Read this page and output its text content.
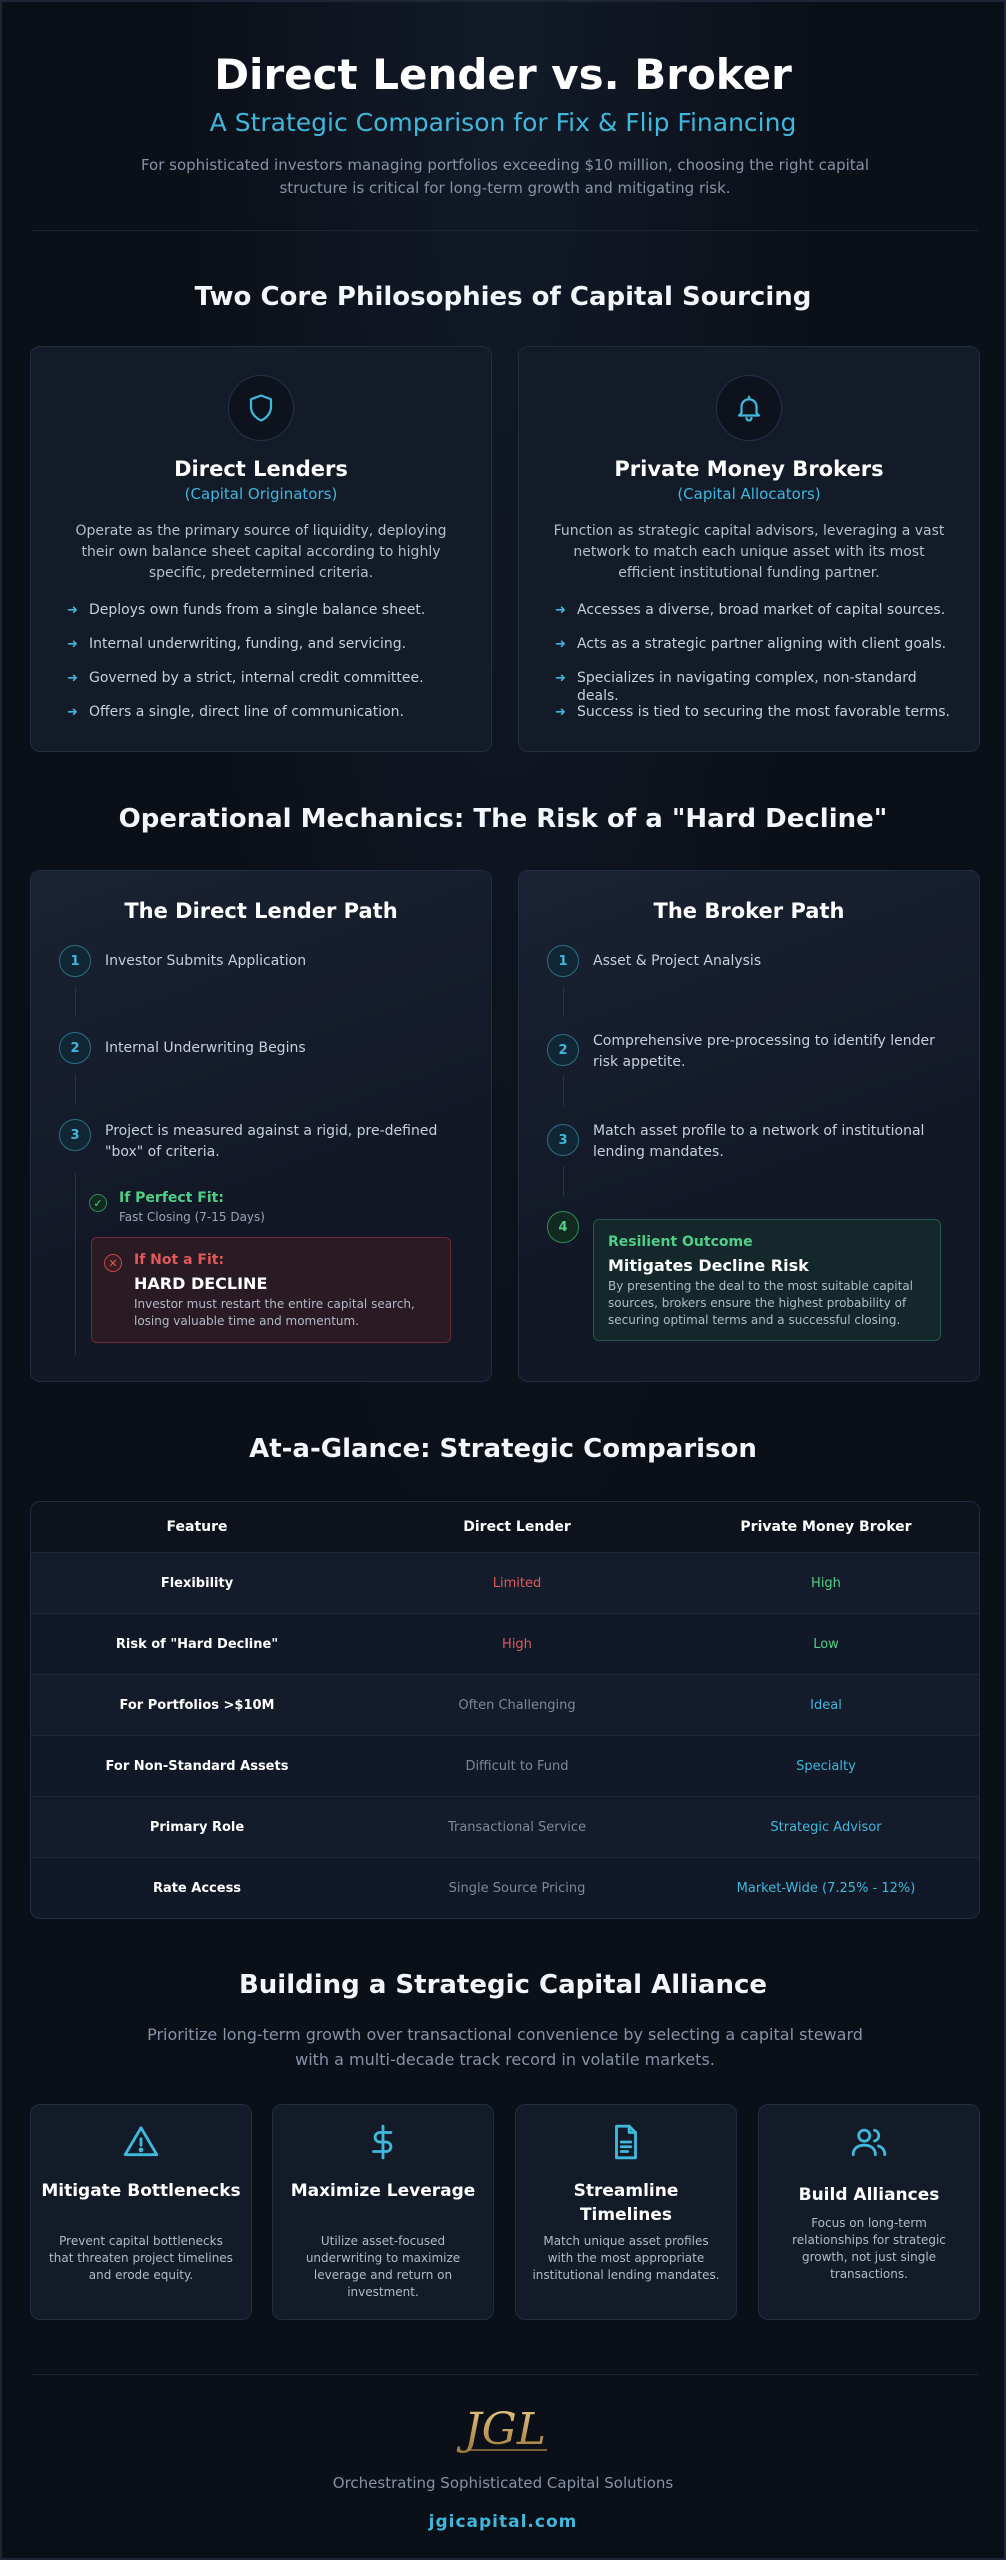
Direct Lender vs. Broker
A Strategic Comparison for Fix & Flip Financing
For sophisticated investors managing portfolios exceeding $10 million, choosing the right capital structure is critical for long-term growth and mitigating risk.
Two Core Philosophies of Capital Sourcing
Direct Lenders
(Capital Originators)
Operate as the primary source of liquidity, deploying their own balance sheet capital according to highly specific, predetermined criteria.
➜ Deploys own funds from a single balance sheet.
➜ Internal underwriting, funding, and servicing.
➜ Governed by a strict, internal credit committee.
➜ Offers a single, direct line of communication.
Private Money Brokers
(Capital Allocators)
Function as strategic capital advisors, leveraging a vast network to match each unique asset with its most efficient institutional funding partner.
➜ Accesses a diverse, broad market of capital sources.
➜ Acts as a strategic partner aligning with client goals.
➜ Specializes in navigating complex, non-standard deals.
➜ Success is tied to securing the most favorable terms.
Operational Mechanics: The Risk of a "Hard Decline"
The Direct Lender Path
1	Investor Submits Application
2	Internal Underwriting Begins
3	Project is measured against a rigid, pre-defined "box" of criteria.
✓	If Perfect Fit:
Fast Closing (7-15 Days)
✕	If Not a Fit:
HARD DECLINE
Investor must restart the entire capital search, losing valuable time and momentum.
The Broker Path
1	Asset & Project Analysis
2
Comprehensive pre-processing to identify lender risk appetite.
3
Match asset profile to a network of institutional lending mandates.
4
Resilient Outcome
Mitigates Decline Risk
By presenting the deal to the most suitable capital sources, brokers ensure the highest probability of securing optimal terms and a successful closing.
At-a-Glance: Strategic Comparison
Feature	Direct Lender	Private Money Broker
Flexibility	Limited	High
Risk of "Hard Decline"	High	Low
For Portfolios >$10M	Often Challenging	Ideal
For Non-Standard Assets	Difficult to Fund	Specialty
Primary Role	Transactional Service	Strategic Advisor
Rate Access	Single Source Pricing	Market-Wide (7.25% - 12%)
Building a Strategic Capital Alliance
Prioritize long-term growth over transactional convenience by selecting a capital steward with a multi-decade track record in volatile markets.
Mitigate Bottlenecks
Prevent capital bottlenecks that threaten project timelines and erode equity.
Maximize Leverage
Utilize asset-focused underwriting to maximize leverage and return on investment.
Streamline Timelines
Match unique asset profiles with the most appropriate institutional lending mandates.
Build Alliances
Focus on long-term relationships for strategic growth, not just single transactions.
JGL
Orchestrating Sophisticated Capital Solutions
jgicapital.com
